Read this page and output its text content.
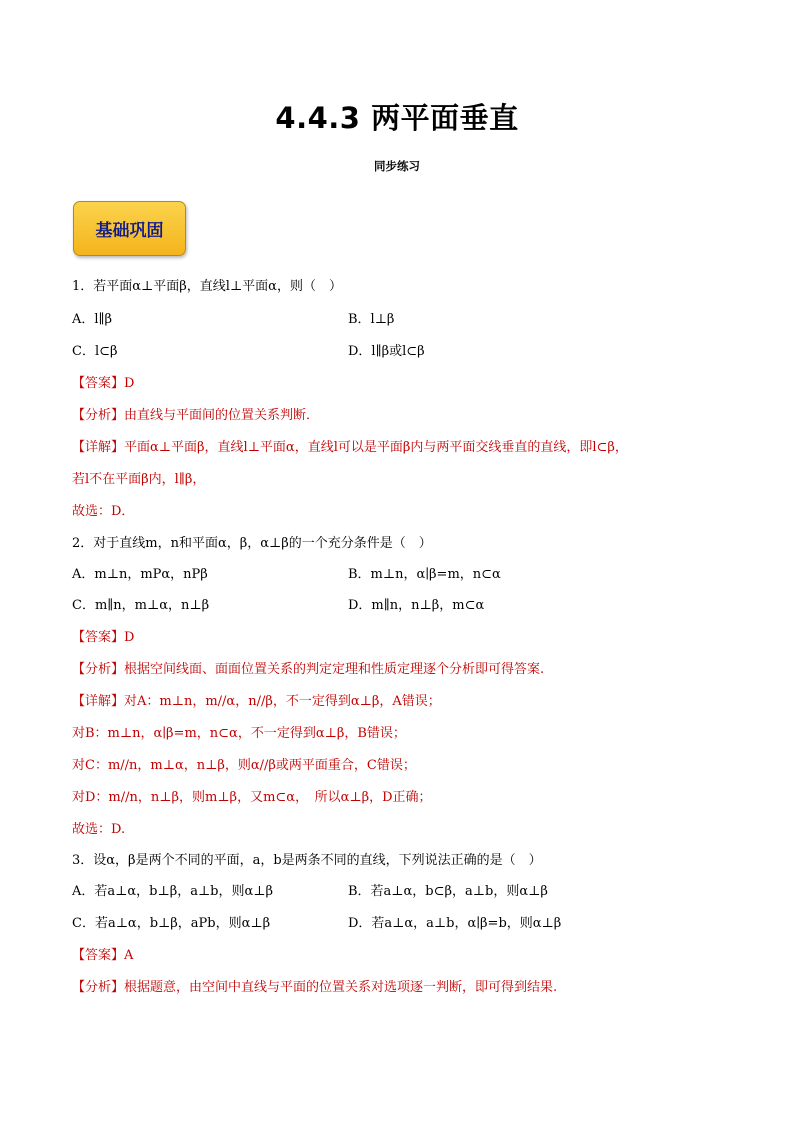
4.4.3 两平面垂直
同步练习
基础巩固
1．若平面α⊥平面β，直线l⊥平面α，则（　）
A．l∥β	B．l⊥β
C．l⊂β	D．l∥β或l⊂β
【答案】D
【分析】由直线与平面间的位置关系判断．
【详解】平面α⊥平面β，直线l⊥平面α，直线l可以是平面β内与两平面交线垂直的直线，即l⊂β，
若l不在平面β内，l∥β，
故选：D．
2．对于直线m，n和平面α，β，α⊥β的一个充分条件是（　）
A．m⊥n，mPα，nPβ	B．m⊥n，α∣β=m，n⊂α
C．m∥n，m⊥α，n⊥β	D．m∥n，n⊥β，m⊂α
【答案】D
【分析】根据空间线面、面面位置关系的判定定理和性质定理逐个分析即可得答案.
【详解】对A：m⊥n，m//α，n//β，不一定得到α⊥β，A错误；
对B：m⊥n，α∣β=m，n⊂α，不一定得到α⊥β，B错误；
对C：m//n，m⊥α，n⊥β，则α//β或两平面重合，C错误；
对D：m//n，n⊥β，则m⊥β，又m⊂α，　所以α⊥β，D正确；
故选：D.
3．设α，β是两个不同的平面，a，b是两条不同的直线，下列说法正确的是（　）
A．若a⊥α，b⊥β，a⊥b，则α⊥β	B．若a⊥α，b⊂β，a⊥b，则α⊥β
C．若a⊥α，b⊥β，aPb，则α⊥β	D．若a⊥α，a⊥b，α∣β=b，则α⊥β
【答案】A
【分析】根据题意，由空间中直线与平面的位置关系对选项逐一判断，即可得到结果.
